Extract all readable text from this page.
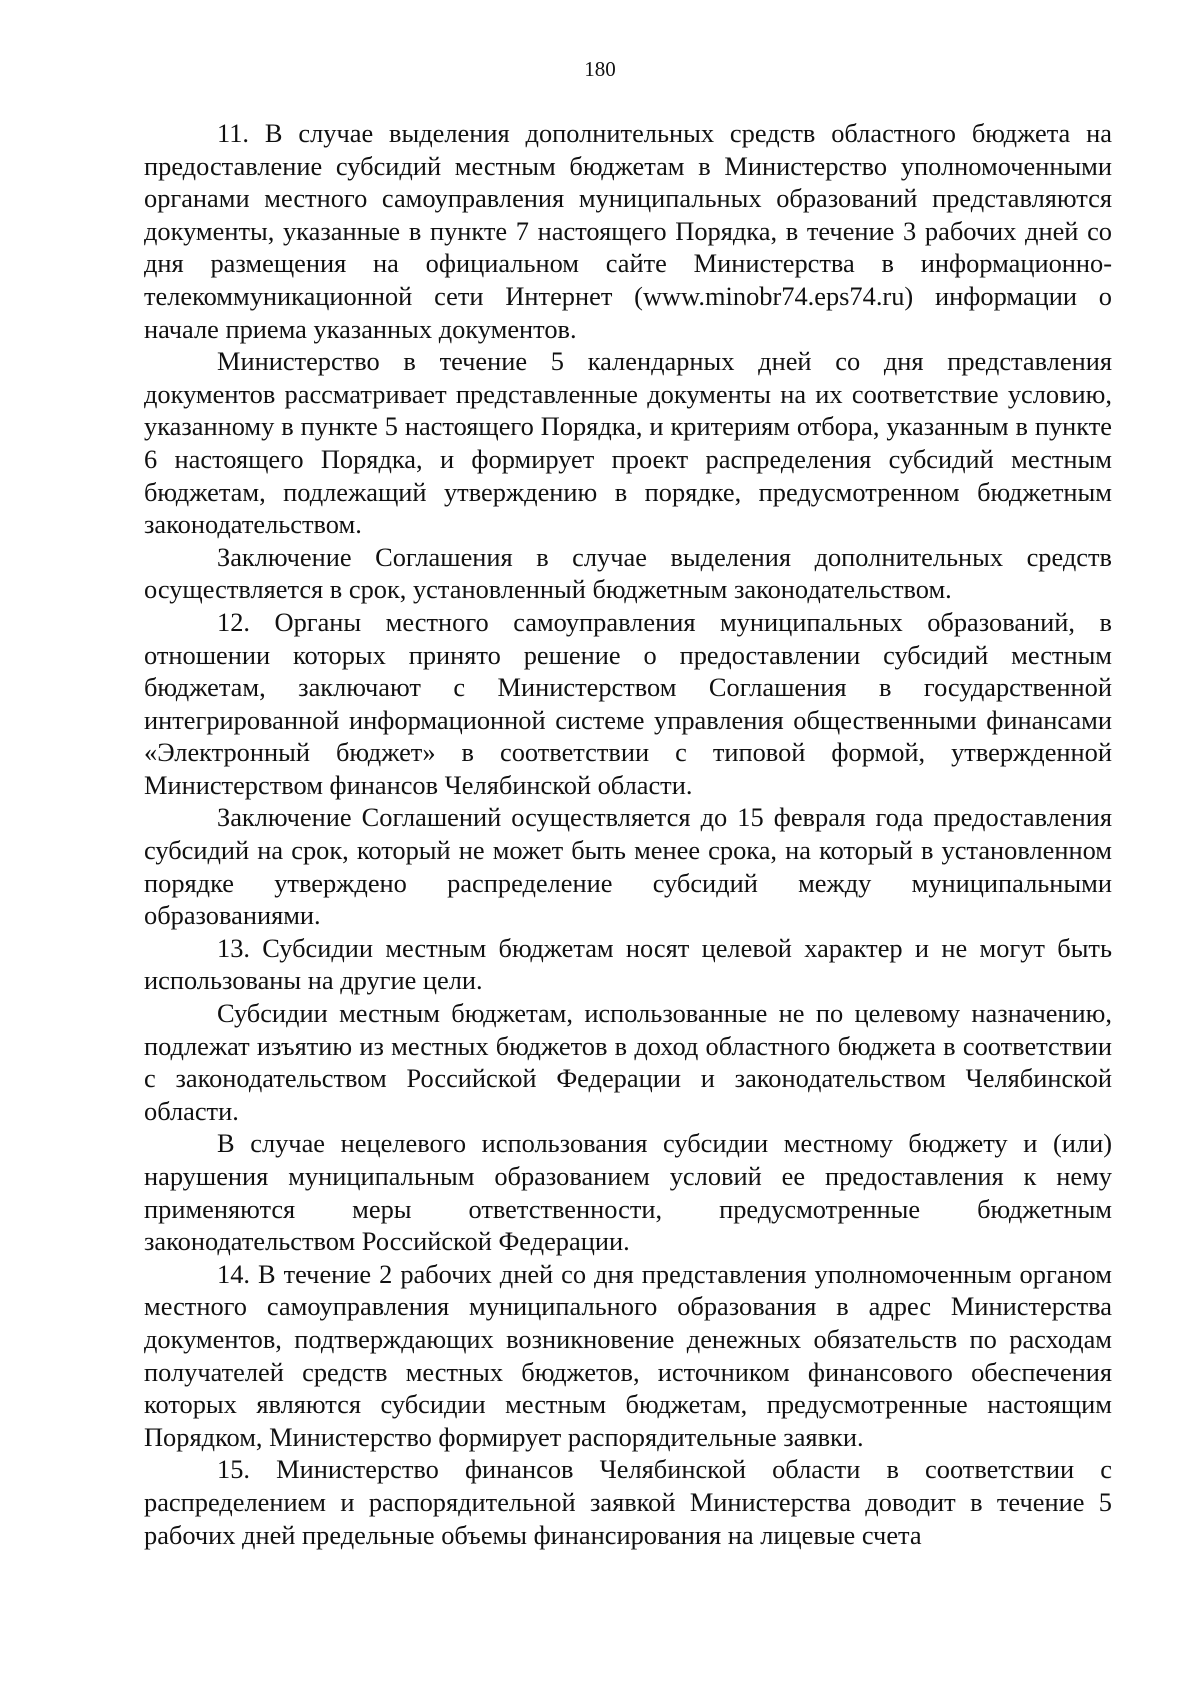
180

11. В случае выделения дополнительных средств областного бюджета на предоставление субсидий местным бюджетам в Министерство уполномоченными органами местного самоуправления муниципальных образований представляются документы, указанные в пункте 7 настоящего Порядка, в течение 3 рабочих дней со дня размещения на официальном сайте Министерства в информационно-телекоммуникационной сети Интернет (www.minobr74.eps74.ru) информации о начале приема указанных документов.

Министерство в течение 5 календарных дней со дня представления документов рассматривает представленные документы на их соответствие условию, указанному в пункте 5 настоящего Порядка, и критериям отбора, указанным в пункте 6 настоящего Порядка, и формирует проект распределения субсидий местным бюджетам, подлежащий утверждению в порядке, предусмотренном бюджетным законодательством.

Заключение Соглашения в случае выделения дополнительных средств осуществляется в срок, установленный бюджетным законодательством.

12. Органы местного самоуправления муниципальных образований, в отношении которых принято решение о предоставлении субсидий местным бюджетам, заключают с Министерством Соглашения в государственной интегрированной информационной системе управления общественными финансами «Электронный бюджет» в соответствии с типовой формой, утвержденной Министерством финансов Челябинской области.

Заключение Соглашений осуществляется до 15 февраля года предоставления субсидий на срок, который не может быть менее срока, на который в установленном порядке утверждено распределение субсидий между муниципальными образованиями.

13. Субсидии местным бюджетам носят целевой характер и не могут быть использованы на другие цели.

Субсидии местным бюджетам, использованные не по целевому назначению, подлежат изъятию из местных бюджетов в доход областного бюджета в соответствии с законодательством Российской Федерации и законодательством Челябинской области.

В случае нецелевого использования субсидии местному бюджету и (или) нарушения муниципальным образованием условий ее предоставления к нему применяются меры ответственности, предусмотренные бюджетным законодательством Российской Федерации.

14. В течение 2 рабочих дней со дня представления уполномоченным органом местного самоуправления муниципального образования в адрес Министерства документов, подтверждающих возникновение денежных обязательств по расходам получателей средств местных бюджетов, источником финансового обеспечения которых являются субсидии местным бюджетам, предусмотренные настоящим Порядком, Министерство формирует распорядительные заявки.

15. Министерство финансов Челябинской области в соответствии с распределением и распорядительной заявкой Министерства доводит в течение 5 рабочих дней предельные объемы финансирования на лицевые счета
